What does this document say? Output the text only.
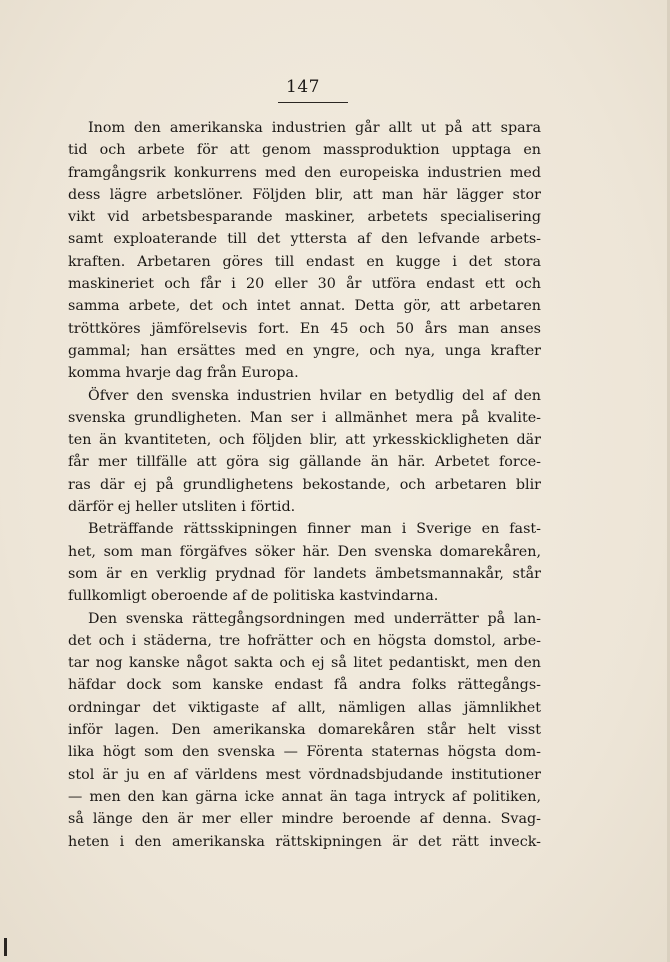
147
Inom den amerikanska industrien går allt ut på att spara
tid och arbete för att genom massproduktion upptaga en
framgångsrik konkurrens med den europeiska industrien med
dess lägre arbetslöner. Följden blir, att man här lägger stor
vikt vid arbetsbesparande maskiner, arbetets specialisering
samt exploaterande till det yttersta af den lefvande arbets-
kraften. Arbetaren göres till endast en kugge i det stora
maskineriet och får i 20 eller 30 år utföra endast ett och
samma arbete, det och intet annat. Detta gör, att arbetaren
tröttköres jämförelsevis fort. En 45 och 50 års man anses
gammal; han ersättes med en yngre, och nya, unga krafter
komma hvarje dag från Europa.
Öfver den svenska industrien hvilar en betydlig del af den
svenska grundligheten. Man ser i allmänhet mera på kvalite-
ten än kvantiteten, och följden blir, att yrkesskickligheten där
får mer tillfälle att göra sig gällande än här. Arbetet force-
ras där ej på grundlighetens bekostande, och arbetaren blir
därför ej heller utsliten i förtid.
Beträffande rättsskipningen finner man i Sverige en fast-
het, som man förgäfves söker här. Den svenska domarekåren,
som är en verklig prydnad för landets ämbetsmannakår, står
fullkomligt oberoende af de politiska kastvindarna.
Den svenska rättegångsordningen med underrätter på lan-
det och i städerna, tre hofrätter och en högsta domstol, arbe-
tar nog kanske något sakta och ej så litet pedantiskt, men den
häfdar dock som kanske endast få andra folks rättegångs-
ordningar det viktigaste af allt, nämligen allas jämnlikhet
inför lagen. Den amerikanska domarekåren står helt visst
lika högt som den svenska — Förenta staternas högsta dom-
stol är ju en af världens mest vördnadsbjudande institutioner
— men den kan gärna icke annat än taga intryck af politiken,
så länge den är mer eller mindre beroende af denna. Svag-
heten i den amerikanska rättskipningen är det rätt inveck-
